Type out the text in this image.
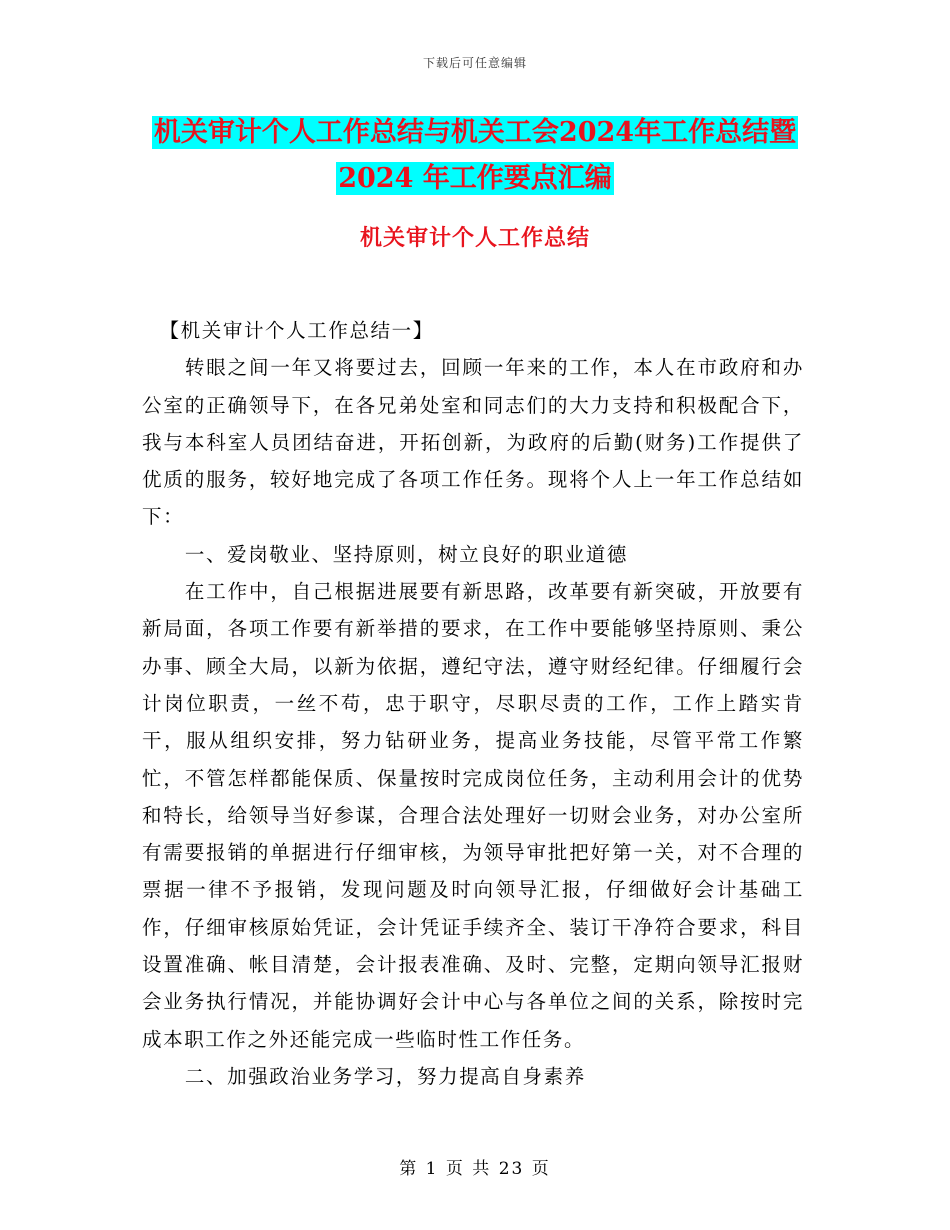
下载后可任意编辑
机关审计个人工作总结与机关工会2024年工作总结暨
2024 年工作要点汇编
机关审计个人工作总结

【机关审计个人工作总结一】

转眼之间一年又将要过去，回顾一年来的工作，本人在市政府和办公室的正确领导下，在各兄弟处室和同志们的大力支持和积极配合下，我与本科室人员团结奋进，开拓创新，为政府的后勤(财务)工作提供了优质的服务，较好地完成了各项工作任务。现将个人上一年工作总结如下：

一、爱岗敬业、坚持原则，树立良好的职业道德

在工作中，自己根据进展要有新思路，改革要有新突破，开放要有新局面，各项工作要有新举措的要求，在工作中要能够坚持原则、秉公办事、顾全大局，以新为依据，遵纪守法，遵守财经纪律。仔细履行会计岗位职责，一丝不苟，忠于职守，尽职尽责的工作，工作上踏实肯干，服从组织安排，努力钻研业务，提高业务技能，尽管平常工作繁忙，不管怎样都能保质、保量按时完成岗位任务，主动利用会计的优势和特长，给领导当好参谋，合理合法处理好一切财会业务，对办公室所有需要报销的单据进行仔细审核，为领导审批把好第一关，对不合理的票据一律不予报销，发现问题及时向领导汇报，仔细做好会计基础工作，仔细审核原始凭证，会计凭证手续齐全、装订干净符合要求，科目设置准确、帐目清楚，会计报表准确、及时、完整，定期向领导汇报财会业务执行情况，并能协调好会计中心与各单位之间的关系，除按时完成本职工作之外还能完成一些临时性工作任务。

二、加强政治业务学习，努力提高自身素养

第 1 页 共 23 页
